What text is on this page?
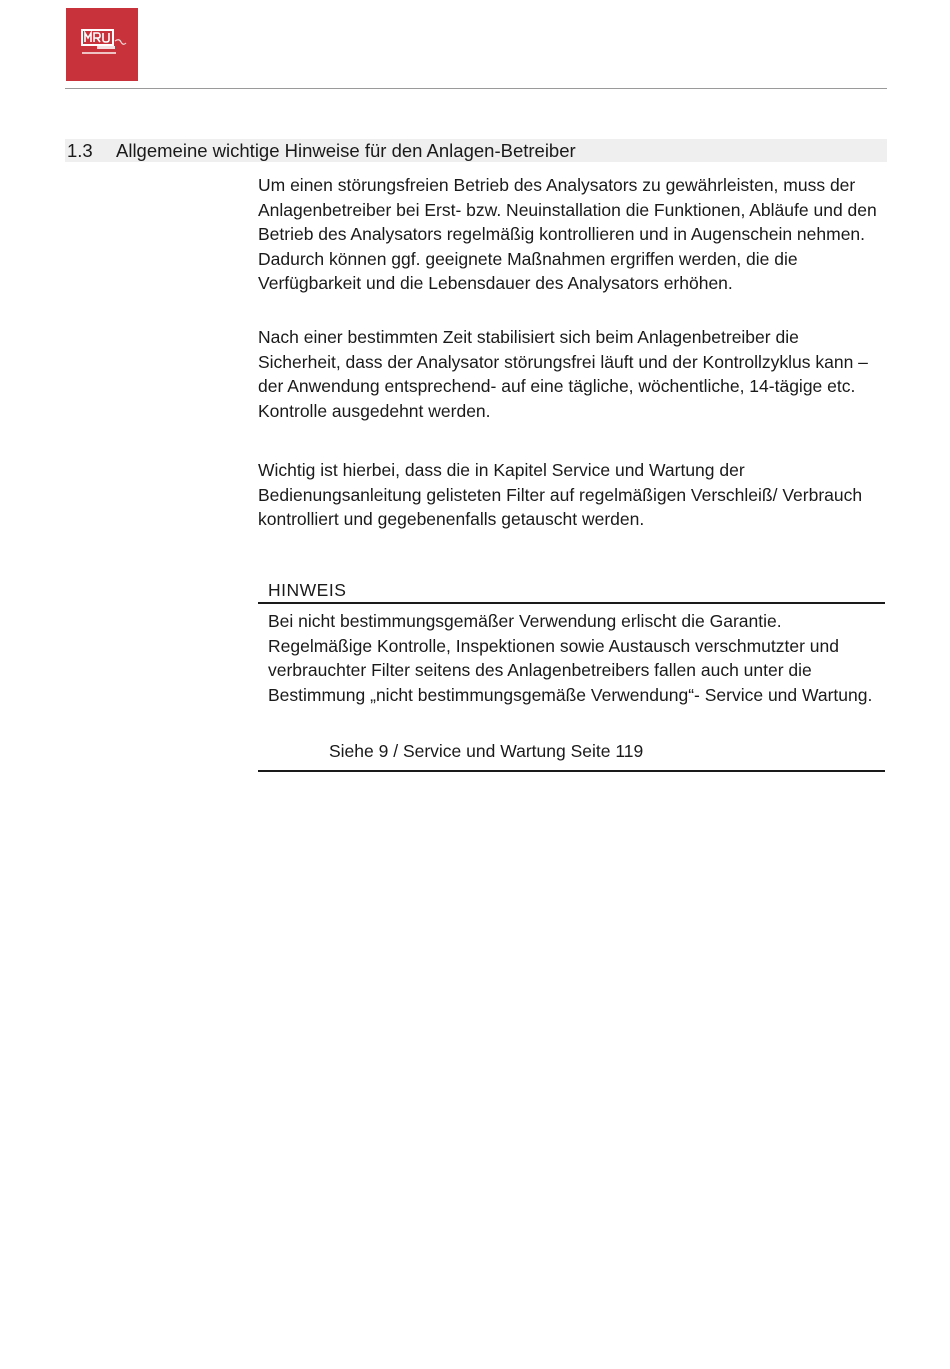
1.3 Allgemeine wichtige Hinweise für den Anlagen-Betreiber

Um einen störungsfreien Betrieb des Analysators zu gewährleisten, muss der Anlagenbetreiber bei Erst- bzw. Neuinstallation die Funktionen, Abläufe und den Betrieb des Analysators regelmäßig kontrollieren und in Augenschein nehmen. Dadurch können ggf. geeignete Maßnahmen ergriffen werden, die die Verfügbarkeit und die Lebensdauer des Analysators erhöhen.

Nach einer bestimmten Zeit stabilisiert sich beim Anlagenbetreiber die Sicherheit, dass der Analysator störungsfrei läuft und der Kontrollzyklus kann – der Anwendung entsprechend- auf eine tägliche, wöchentliche, 14-tägige etc. Kontrolle ausgedehnt werden.

Wichtig ist hierbei, dass die in Kapitel Service und Wartung der Bedienungsanleitung gelisteten Filter auf regelmäßigen Verschleiß/ Verbrauch kontrolliert und gegebenenfalls getauscht werden.

HINWEIS

Bei nicht bestimmungsgemäßer Verwendung erlischt die Garantie. Regelmäßige Kontrolle, Inspektionen sowie Austausch verschmutzter und verbrauchter Filter seitens des Anlagenbetreibers fallen auch unter die Bestimmung „nicht bestimmungsgemäße Verwendung“- Service und Wartung.

Siehe 9 / Service und Wartung Seite 119
